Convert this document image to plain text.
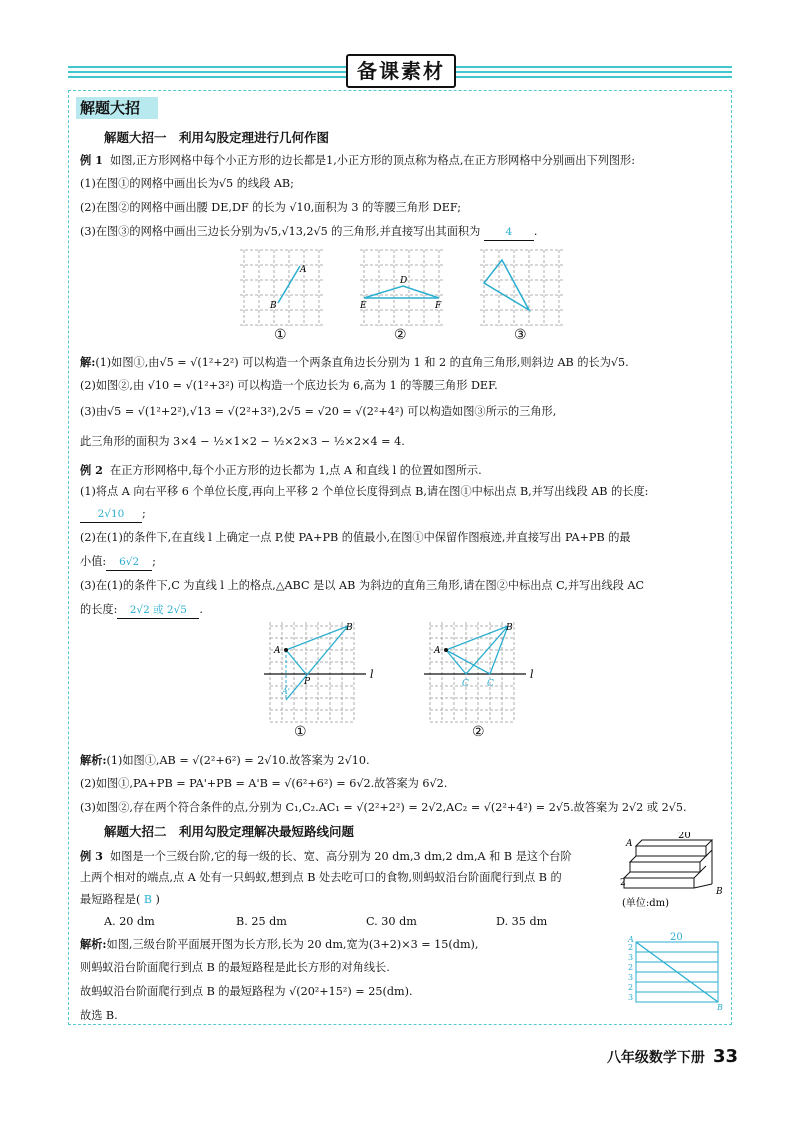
备课素材
解题大招
解题大招一　利用勾股定理进行几何作图
例 1 如图,正方形网格中每个小正方形的边长都是1,小正方形的顶点称为格点,在正方形网格中分别画出下列图形:
(1)在图①的网格中画出长为√5 的线段 AB;
(2)在图②的网格中画出腰 DE,DF 的长为 √10,面积为 3 的等腰三角形 DEF;
(3)在图③的网格中画出三边长分别为√5,√13,2√5 的三角形,并直接写出其面积为 4 .
A
B
D
E	F
①	②	③
解:(1)如图①,由√5 = √(1²+2²) 可以构造一个两条直角边长分别为 1 和 2 的直角三角形,则斜边 AB 的长为√5.
(2)如图②,由 √10 = √(1²+3²) 可以构造一个底边长为 6,高为 1 的等腰三角形 DEF.
(3)由√5 = √(1²+2²),√13 = √(2²+3²),2√5 = √20 = √(2²+4²) 可以构造如图③所示的三角形,
此三角形的面积为 3×4 − ½×1×2 − ½×2×3 − ½×2×4 = 4.
例 2 在正方形网格中,每个小正方形的边长都为 1,点 A 和直线 l 的位置如图所示.
(1)将点 A 向右平移 6 个单位长度,再向上平移 2 个单位长度得到点 B,请在图①中标出点 B,并写出线段 AB 的长度:
2√10 ;
(2)在(1)的条件下,在直线 l 上确定一点 P,使 PA+PB 的值最小,在图①中保留作图痕迹,并直接写出 PA+PB 的最
小值: 6√2 ;
(3)在(1)的条件下,C 为直线 l 上的格点,△ABC 是以 AB 为斜边的直角三角形,请在图②中标出点 C,并写出线段 AC
的长度: 2√2 或 2√5 .
A
B
P
A'
l
A
B
C C
l
①	②
解析:(1)如图①,AB = √(2²+6²) = 2√10.故答案为 2√10.
(2)如图①,PA+PB = PA'+PB = A'B = √(6²+6²) = 6√2.故答案为 6√2.
(3)如图②,存在两个符合条件的点,分别为 C₁,C₂.AC₁ = √(2²+2²) = 2√2,AC₂ = √(2²+4²) = 2√5.故答案为 2√2 或 2√5.
解题大招二　利用勾股定理解决最短路线问题
例 3 如图是一个三级台阶,它的每一级的长、宽、高分别为 20 dm,3 dm,2 dm,A 和 B 是这个台阶
上两个相对的端点,点 A 处有一只蚂蚁,想到点 B 处去吃可口的食物,则蚂蚁沿台阶面爬行到点 B 的
最短路程是( B )
A. 20 dm	B. 25 dm	C. 30 dm	D. 35 dm
解析:如图,三级台阶平面展开图为长方形,长为 20 dm,宽为(3+2)×3 = 15(dm),
则蚂蚁沿台阶面爬行到点 B 的最短路程是此长方形的对角线长.
故蚂蚁沿台阶面爬行到点 B 的最短路程为 √(20²+15²) = 25(dm).
故选 B.
A
20
2
B
(单位:dm)
20
A
2
3
2
3
2
3
B
八年级数学下册 33
